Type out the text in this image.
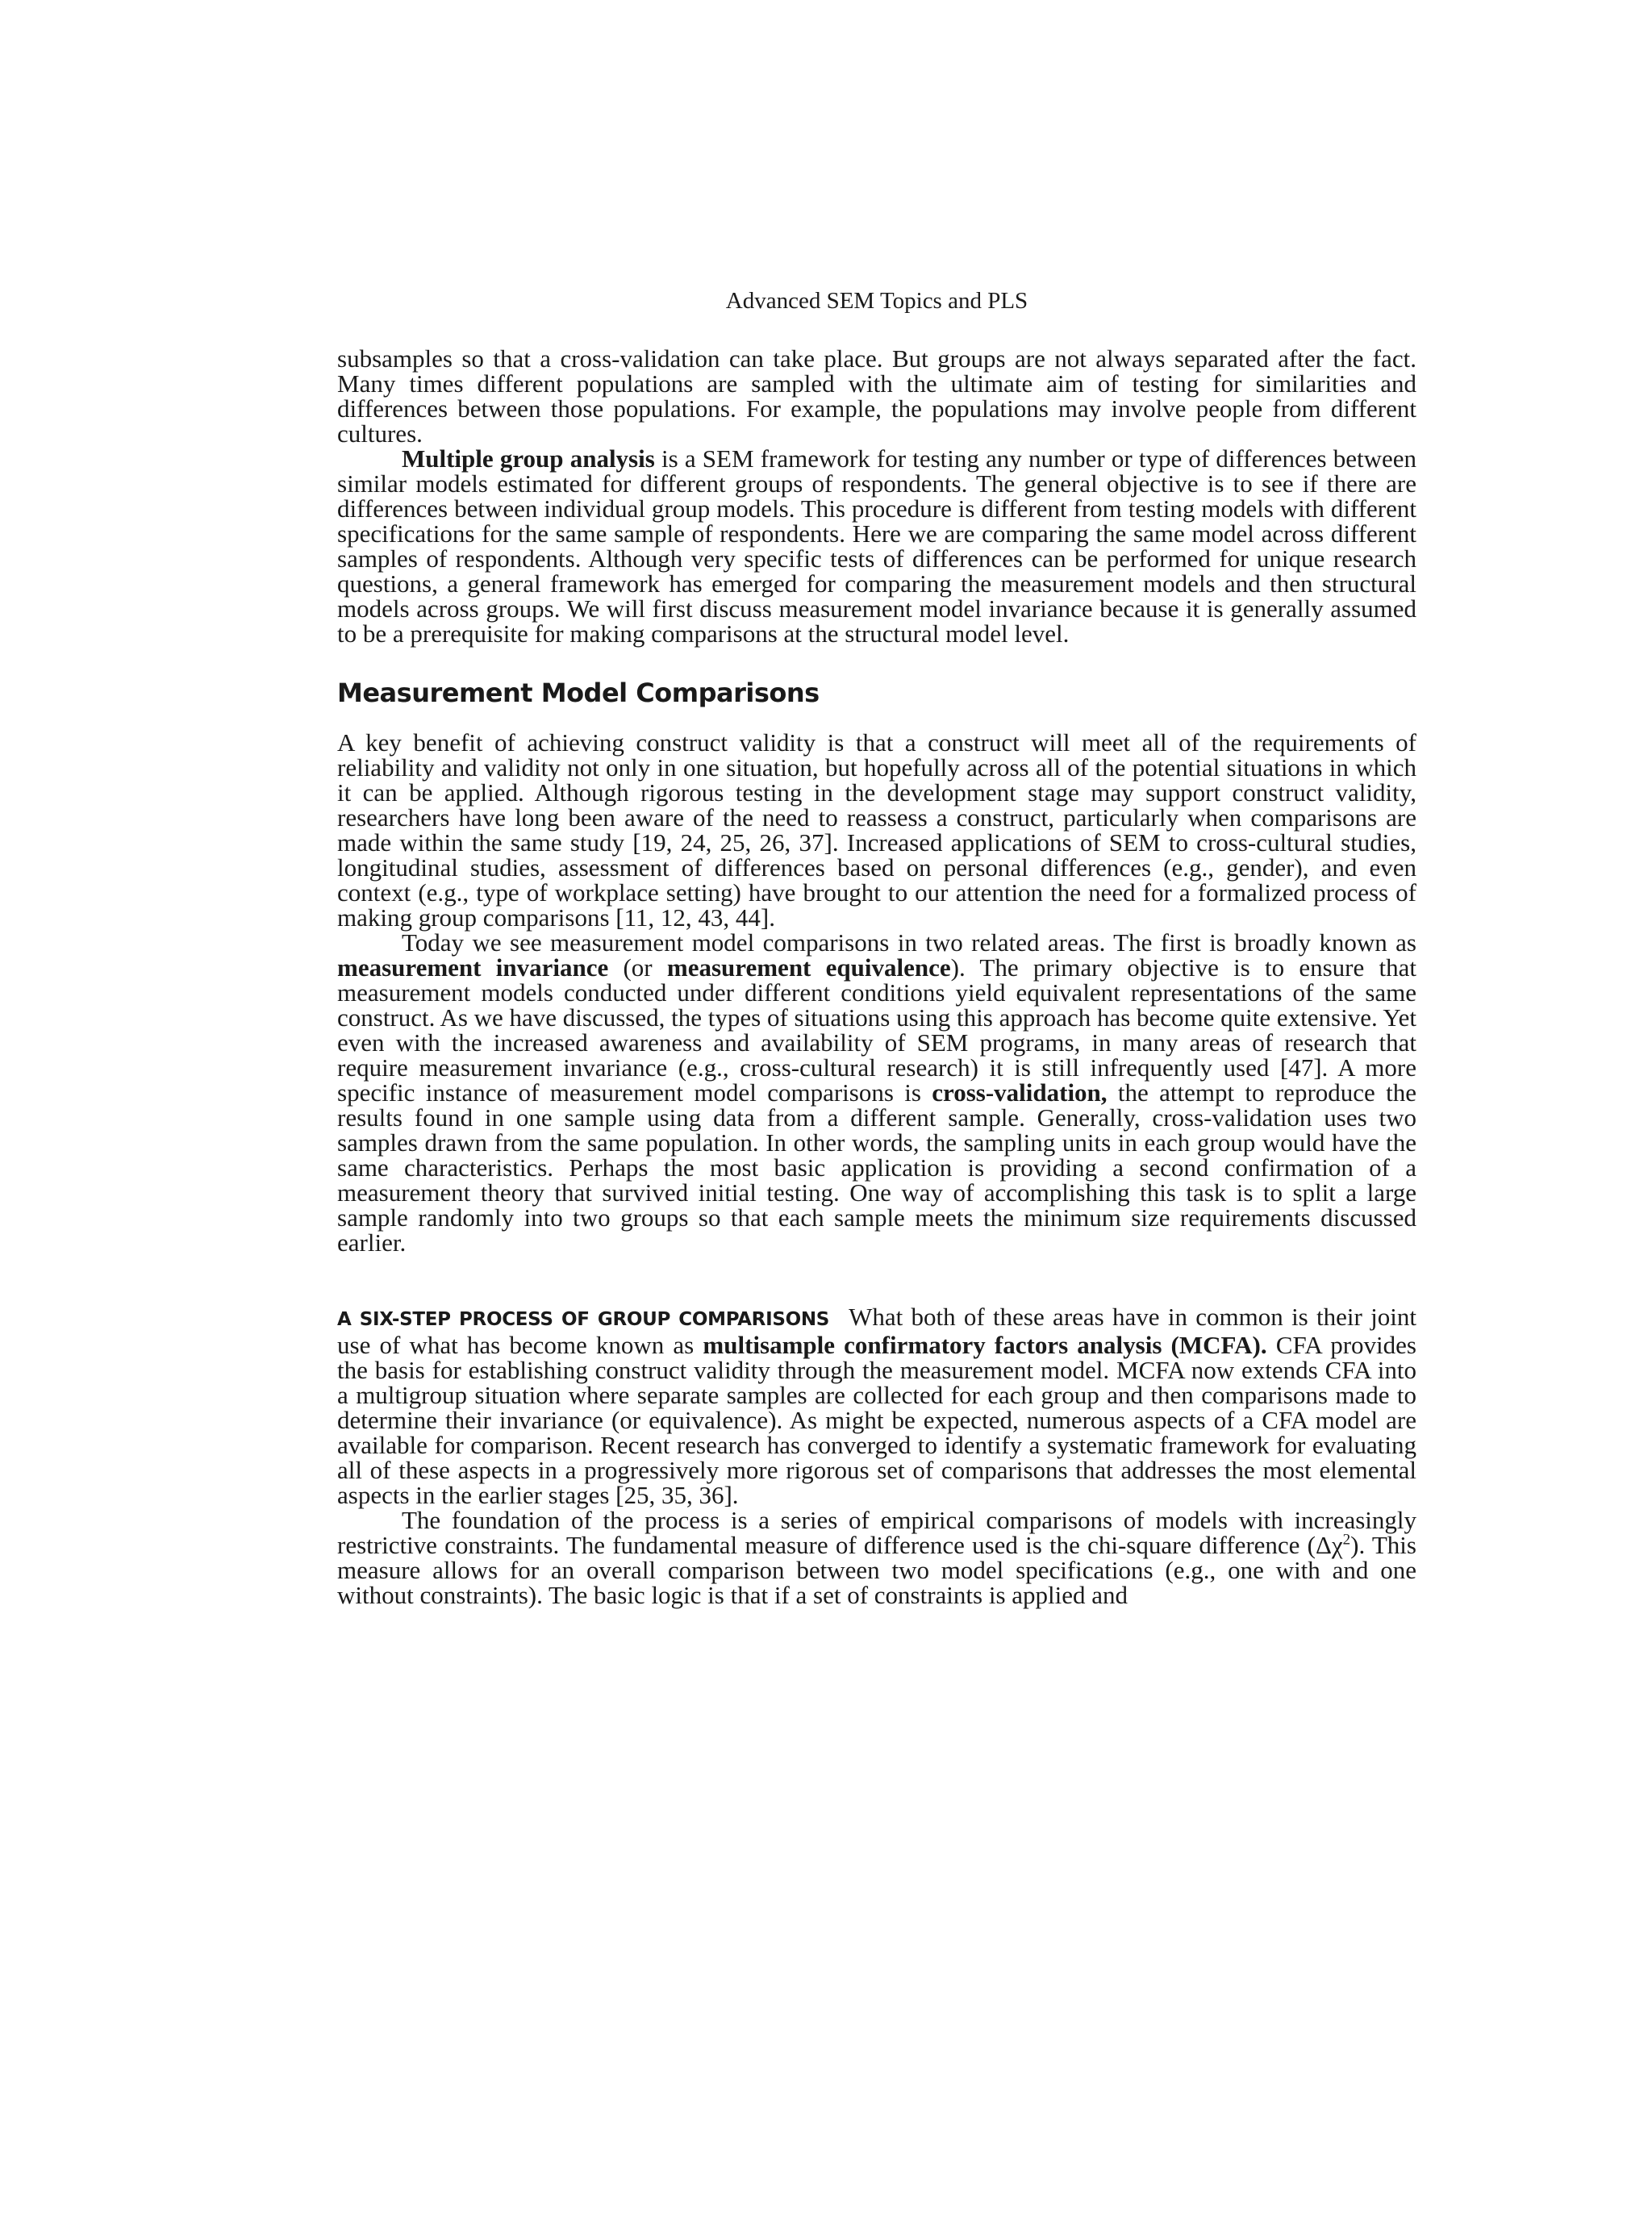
Advanced SEM Topics and PLS

subsamples so that a cross-validation can take place. But groups are not always separated after the fact. Many times different populations are sampled with the ultimate aim of testing for similarities and differences between those populations. For example, the populations may involve people from different cultures.

Multiple group analysis is a SEM framework for testing any number or type of differences between similar models estimated for different groups of respondents. The general objective is to see if there are differences between individual group models. This procedure is different from testing models with different specifications for the same sample of respondents. Here we are comparing the same model across different samples of respondents. Although very specific tests of differences can be performed for unique research questions, a general framework has emerged for comparing the measurement models and then structural models across groups. We will first discuss measurement model invariance because it is generally assumed to be a prerequisite for making comparisons at the structural model level.

Measurement Model Comparisons

A key benefit of achieving construct validity is that a construct will meet all of the requirements of reliability and validity not only in one situation, but hopefully across all of the potential situations in which it can be applied. Although rigorous testing in the development stage may support construct validity, researchers have long been aware of the need to reassess a construct, particularly when comparisons are made within the same study [19, 24, 25, 26, 37]. Increased applications of SEM to cross-cultural studies, longitudinal studies, assessment of differences based on personal differences (e.g., gender), and even context (e.g., type of workplace setting) have brought to our attention the need for a formalized process of making group comparisons [11, 12, 43, 44].

Today we see measurement model comparisons in two related areas. The first is broadly known as measurement invariance (or measurement equivalence). The primary objective is to ensure that measurement models conducted under different conditions yield equivalent representations of the same construct. As we have discussed, the types of situations using this approach has become quite extensive. Yet even with the increased awareness and availability of SEM programs, in many areas of research that require measurement invariance (e.g., cross-cultural research) it is still infrequently used [47]. A more specific instance of measurement model comparisons is cross-validation, the attempt to reproduce the results found in one sample using data from a different sample. Generally, cross-validation uses two samples drawn from the same population. In other words, the sampling units in each group would have the same characteristics. Perhaps the most basic application is providing a second confirmation of a measurement theory that survived initial testing. One way of accomplishing this task is to split a large sample randomly into two groups so that each sample meets the minimum size requirements discussed earlier.

A SIX-STEP PROCESS OF GROUP COMPARISONS What both of these areas have in common is their joint use of what has become known as multisample confirmatory factors analysis (MCFA). CFA provides the basis for establishing construct validity through the measurement model. MCFA now extends CFA into a multigroup situation where separate samples are collected for each group and then comparisons made to determine their invariance (or equivalence). As might be expected, numerous aspects of a CFA model are available for comparison. Recent research has converged to identify a systematic framework for evaluating all of these aspects in a progressively more rigorous set of comparisons that addresses the most elemental aspects in the earlier stages [25, 35, 36].

The foundation of the process is a series of empirical comparisons of models with increasingly restrictive constraints. The fundamental measure of difference used is the chi-square difference $(\Delta\chi^2)$. This measure allows for an overall comparison between two model specifications (e.g., one with and one without constraints). The basic logic is that if a set of constraints is applied and
